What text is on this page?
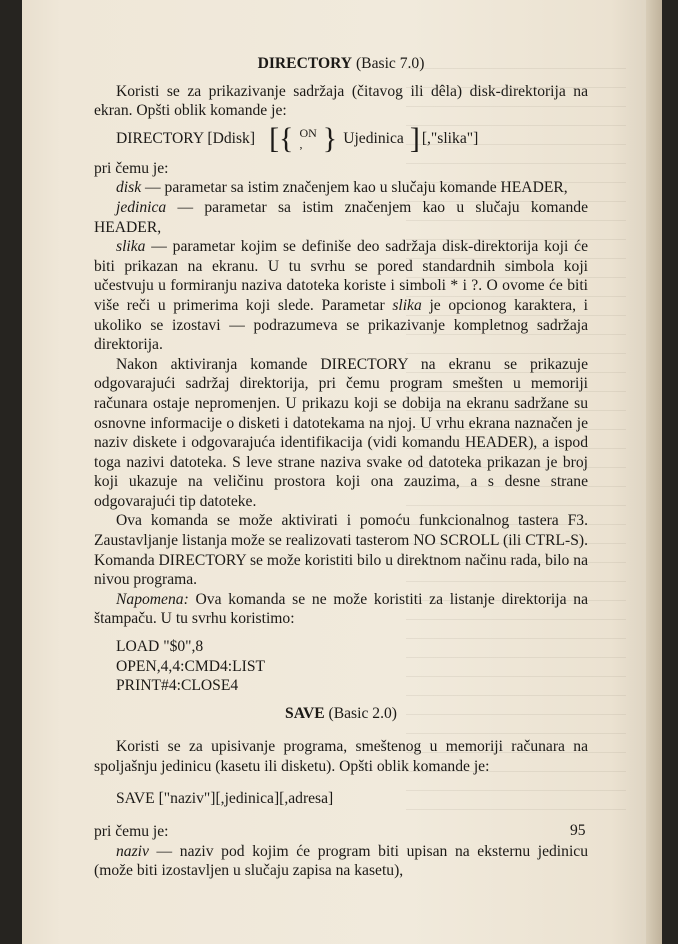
DIRECTORY (Basic 7.0)

Koristi se za prikazivanje sadržaja (čitavog ili dêla) disk-direktorija na ekran. Opšti oblik komande je:

DIRECTORY [Ddisk] [{ ON
, } Ujedinica ] [,"slika"]

pri čemu je:

disk — parametar sa istim značenjem kao u slučaju komande HEADER,

jedinica — parametar sa istim značenjem kao u slučaju komande HEADER,

slika — parametar kojim se definiše deo sadržaja disk-direktorija koji će biti prikazan na ekranu. U tu svrhu se pored standardnih simbola koji učestvuju u formiranju naziva datoteka koriste i simboli * i ?. O ovome će biti više reči u primerima koji slede. Parametar slika je opcionog karaktera, i ukoliko se izostavi — podrazumeva se prikazivanje kompletnog sadržaja direktorija.

Nakon aktiviranja komande DIRECTORY na ekranu se prikazuje odgovarajući sadržaj direktorija, pri čemu program smešten u memoriji računara ostaje nepromenjen. U prikazu koji se dobija na ekranu sadržane su osnovne informacije o disketi i datotekama na njoj. U vrhu ekrana naznačen je naziv diskete i odgovarajuća identifikacija (vidi komandu HEADER), a ispod toga nazivi datoteka. S leve strane naziva svake od datoteka prikazan je broj koji ukazuje na veličinu prostora koji ona zauzima, a s desne strane odgovarajući tip datoteke.

Ova komanda se može aktivirati i pomoću funkcionalnog tastera F3. Zaustavljanje listanja može se realizovati tasterom NO SCROLL (ili CTRL-S). Komanda DIRECTORY se može koristiti bilo u direktnom načinu rada, bilo na nivou programa.

Napomena: Ova komanda se ne može koristiti za listanje direktorija na štampaču. U tu svrhu koristimo:

LOAD "$0",8
OPEN,4,4:CMD4:LIST
PRINT#4:CLOSE4
SAVE (Basic 2.0)

Koristi se za upisivanje programa, smeštenog u memoriji računara na spoljašnju jedinicu (kasetu ili disketu). Opšti oblik komande je:

SAVE ["naziv"][,jedinica][,adresa]

pri čemu je:

naziv — naziv pod kojim će program biti upisan na eksternu jedinicu (može biti izostavljen u slučaju zapisa na kasetu),

95
